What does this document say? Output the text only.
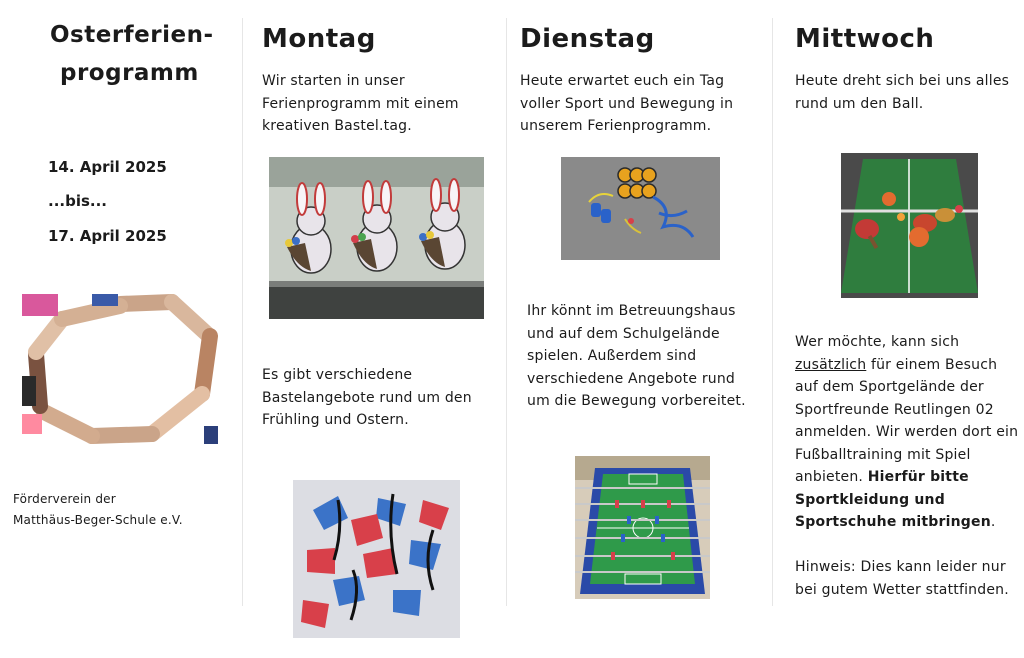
Osterferien-
programm
14. April 2025
...bis...
17. April 2025
Förderverein der
Matthäus-Beger-Schule e.V.
Montag
Wir starten in unser Ferienprogramm mit einem kreativen Bastel.tag.
Es gibt verschiedene Bastelangebote rund um den Frühling und Ostern.
Dienstag
Heute erwartet euch ein Tag voller Sport und Bewegung in unserem Ferienprogramm.
Ihr könnt im Betreuungshaus und auf dem Schulgelände spielen. Außerdem sind verschiedene Angebote rund um die Bewegung vorbereitet.
Mittwoch
Heute dreht sich bei uns alles rund um den Ball.
Wer möchte, kann sich zusätzlich für einem Besuch auf dem Sportgelände der Sportfreunde Reutlingen 02 anmelden. Wir werden dort ein Fußballtraining mit Spiel anbieten. Hierfür bitte Sportkleidung und Sportschuhe mitbringen.
Hinweis: Dies kann leider nur bei gutem Wetter stattfinden.
